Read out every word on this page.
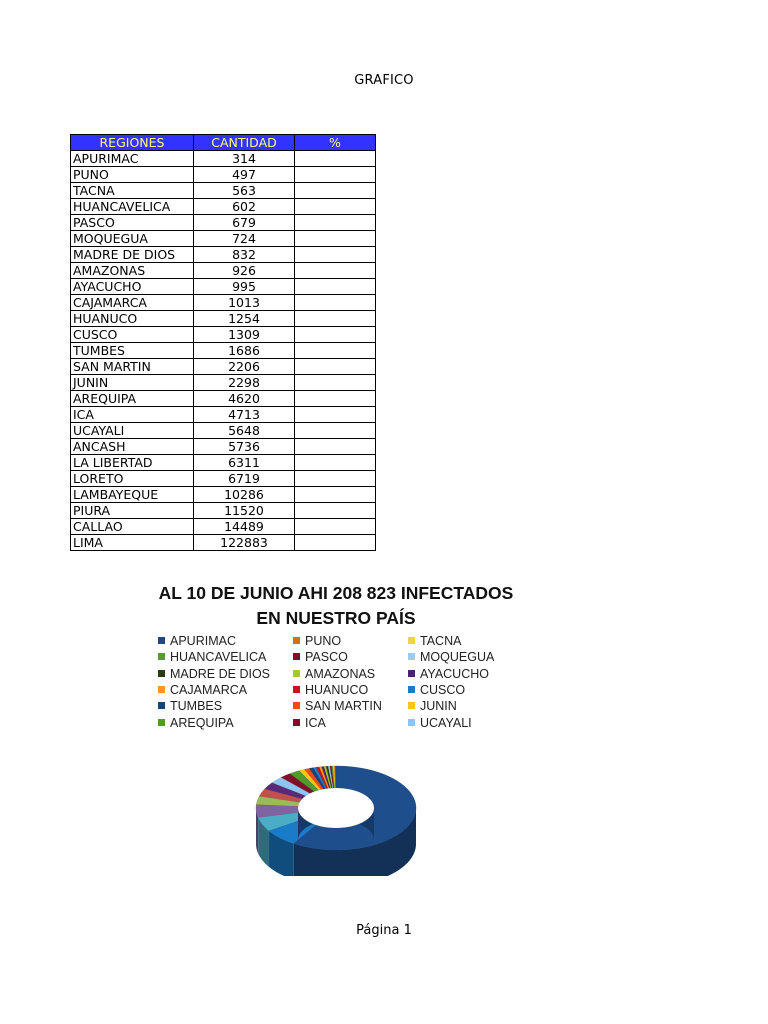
GRAFICO
REGIONES	CANTIDAD	%
APURIMAC	314	
PUNO	497	
TACNA	563	
HUANCAVELICA	602	
PASCO	679	
MOQUEGUA	724	
MADRE DE DIOS	832	
AMAZONAS	926	
AYACUCHO	995	
CAJAMARCA	1013	
HUANUCO	1254	
CUSCO	1309	
TUMBES	1686	
SAN MARTIN	2206	
JUNIN	2298	
AREQUIPA	4620	
ICA	4713	
UCAYALI	5648	
ANCASH	5736	
LA LIBERTAD	6311	
LORETO	6719	
LAMBAYEQUE	10286	
PIURA	11520	
CALLAO	14489	
LIMA	122883	
AL 10 DE JUNIO AHI 208 823 INFECTADOS
EN NUESTRO PAÍS
APURIMAC	PUNO	TACNA
HUANCAVELICA	PASCO	MOQUEGUA
MADRE DE DIOS	AMAZONAS	AYACUCHO
CAJAMARCA	HUANUCO	CUSCO
TUMBES	SAN MARTIN	JUNIN
AREQUIPA	ICA	UCAYALI
Página 1
